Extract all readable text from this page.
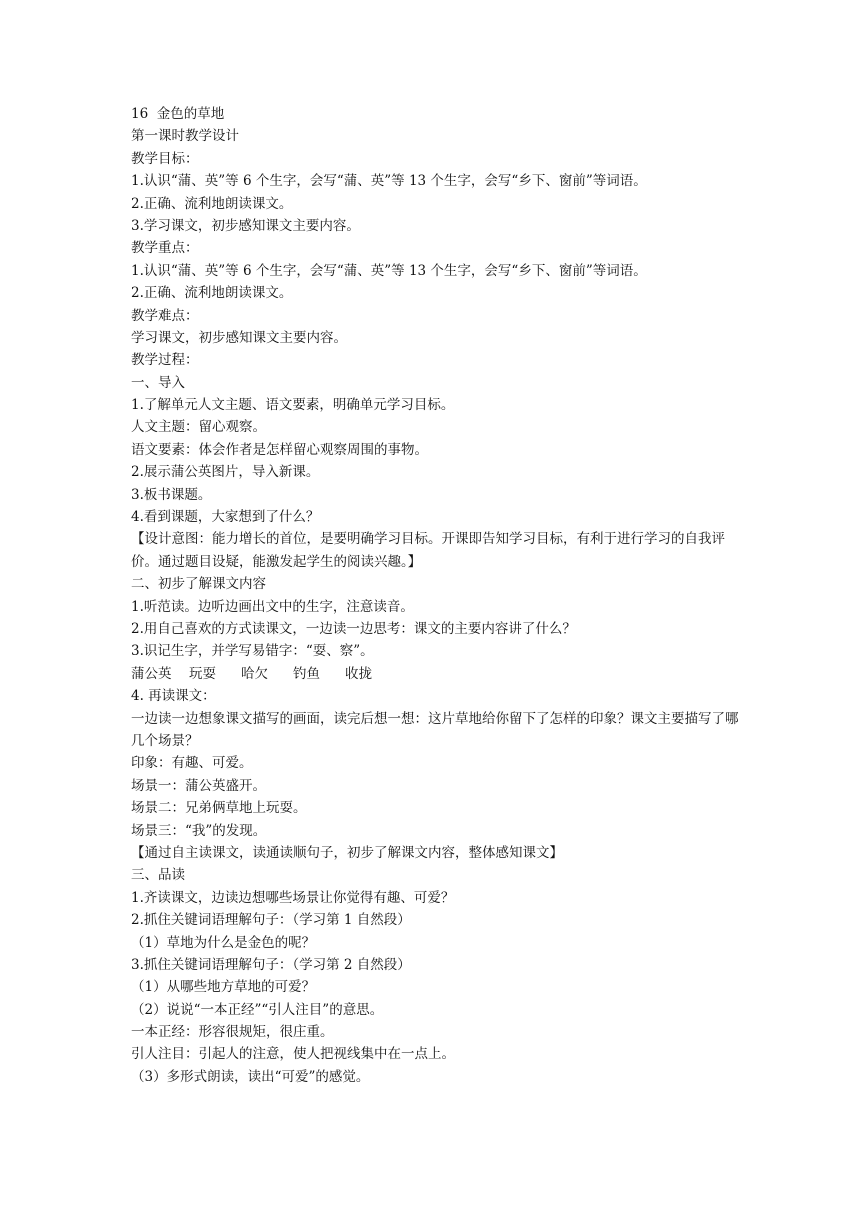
16  金色的草地
第一课时教学设计
教学目标：
1.认识“蒲、英”等 6 个生字，会写“蒲、英”等 13 个生字，会写“乡下、窗前”等词语。
2.正确、流利地朗读课文。
3.学习课文，初步感知课文主要内容。
教学重点：
1.认识“蒲、英”等 6 个生字，会写“蒲、英”等 13 个生字，会写“乡下、窗前”等词语。
2.正确、流利地朗读课文。
教学难点：
学习课文，初步感知课文主要内容。
教学过程：
一、导入
1.了解单元人文主题、语文要素，明确单元学习目标。
人文主题：留心观察。
语文要素：体会作者是怎样留心观察周围的事物。
2.展示蒲公英图片，导入新课。
3.板书课题。
4.看到课题，大家想到了什么？
【设计意图：能力增长的首位，是要明确学习目标。开课即告知学习目标，有利于进行学习的自我评价。通过题目设疑，能激发起学生的阅读兴趣。】
二、初步了解课文内容
1.听范读。边听边画出文中的生字，注意读音。
2.用自己喜欢的方式读课文，一边读一边思考：课文的主要内容讲了什么？
3.识记生字，并学写易错字：“耍、察”。
蒲公英 玩耍 哈欠 钓鱼 收拢
4. 再读课文：
一边读一边想象课文描写的画面，读完后想一想：这片草地给你留下了怎样的印象？课文主要描写了哪几个场景？
印象：有趣、可爱。
场景一：蒲公英盛开。
场景二：兄弟俩草地上玩耍。
场景三：“我”的发现。
【通过自主读课文，读通读顺句子，初步了解课文内容，整体感知课文】
三、品读
1.齐读课文，边读边想哪些场景让你觉得有趣、可爱？
2.抓住关键词语理解句子：（学习第 1 自然段）
（1）草地为什么是金色的呢？
3.抓住关键词语理解句子：（学习第 2 自然段）
（1）从哪些地方草地的可爱？
（2）说说“一本正经”“引人注目”的意思。
一本正经：形容很规矩，很庄重。
引人注目：引起人的注意，使人把视线集中在一点上。
（3）多形式朗读，读出“可爱”的感觉。
